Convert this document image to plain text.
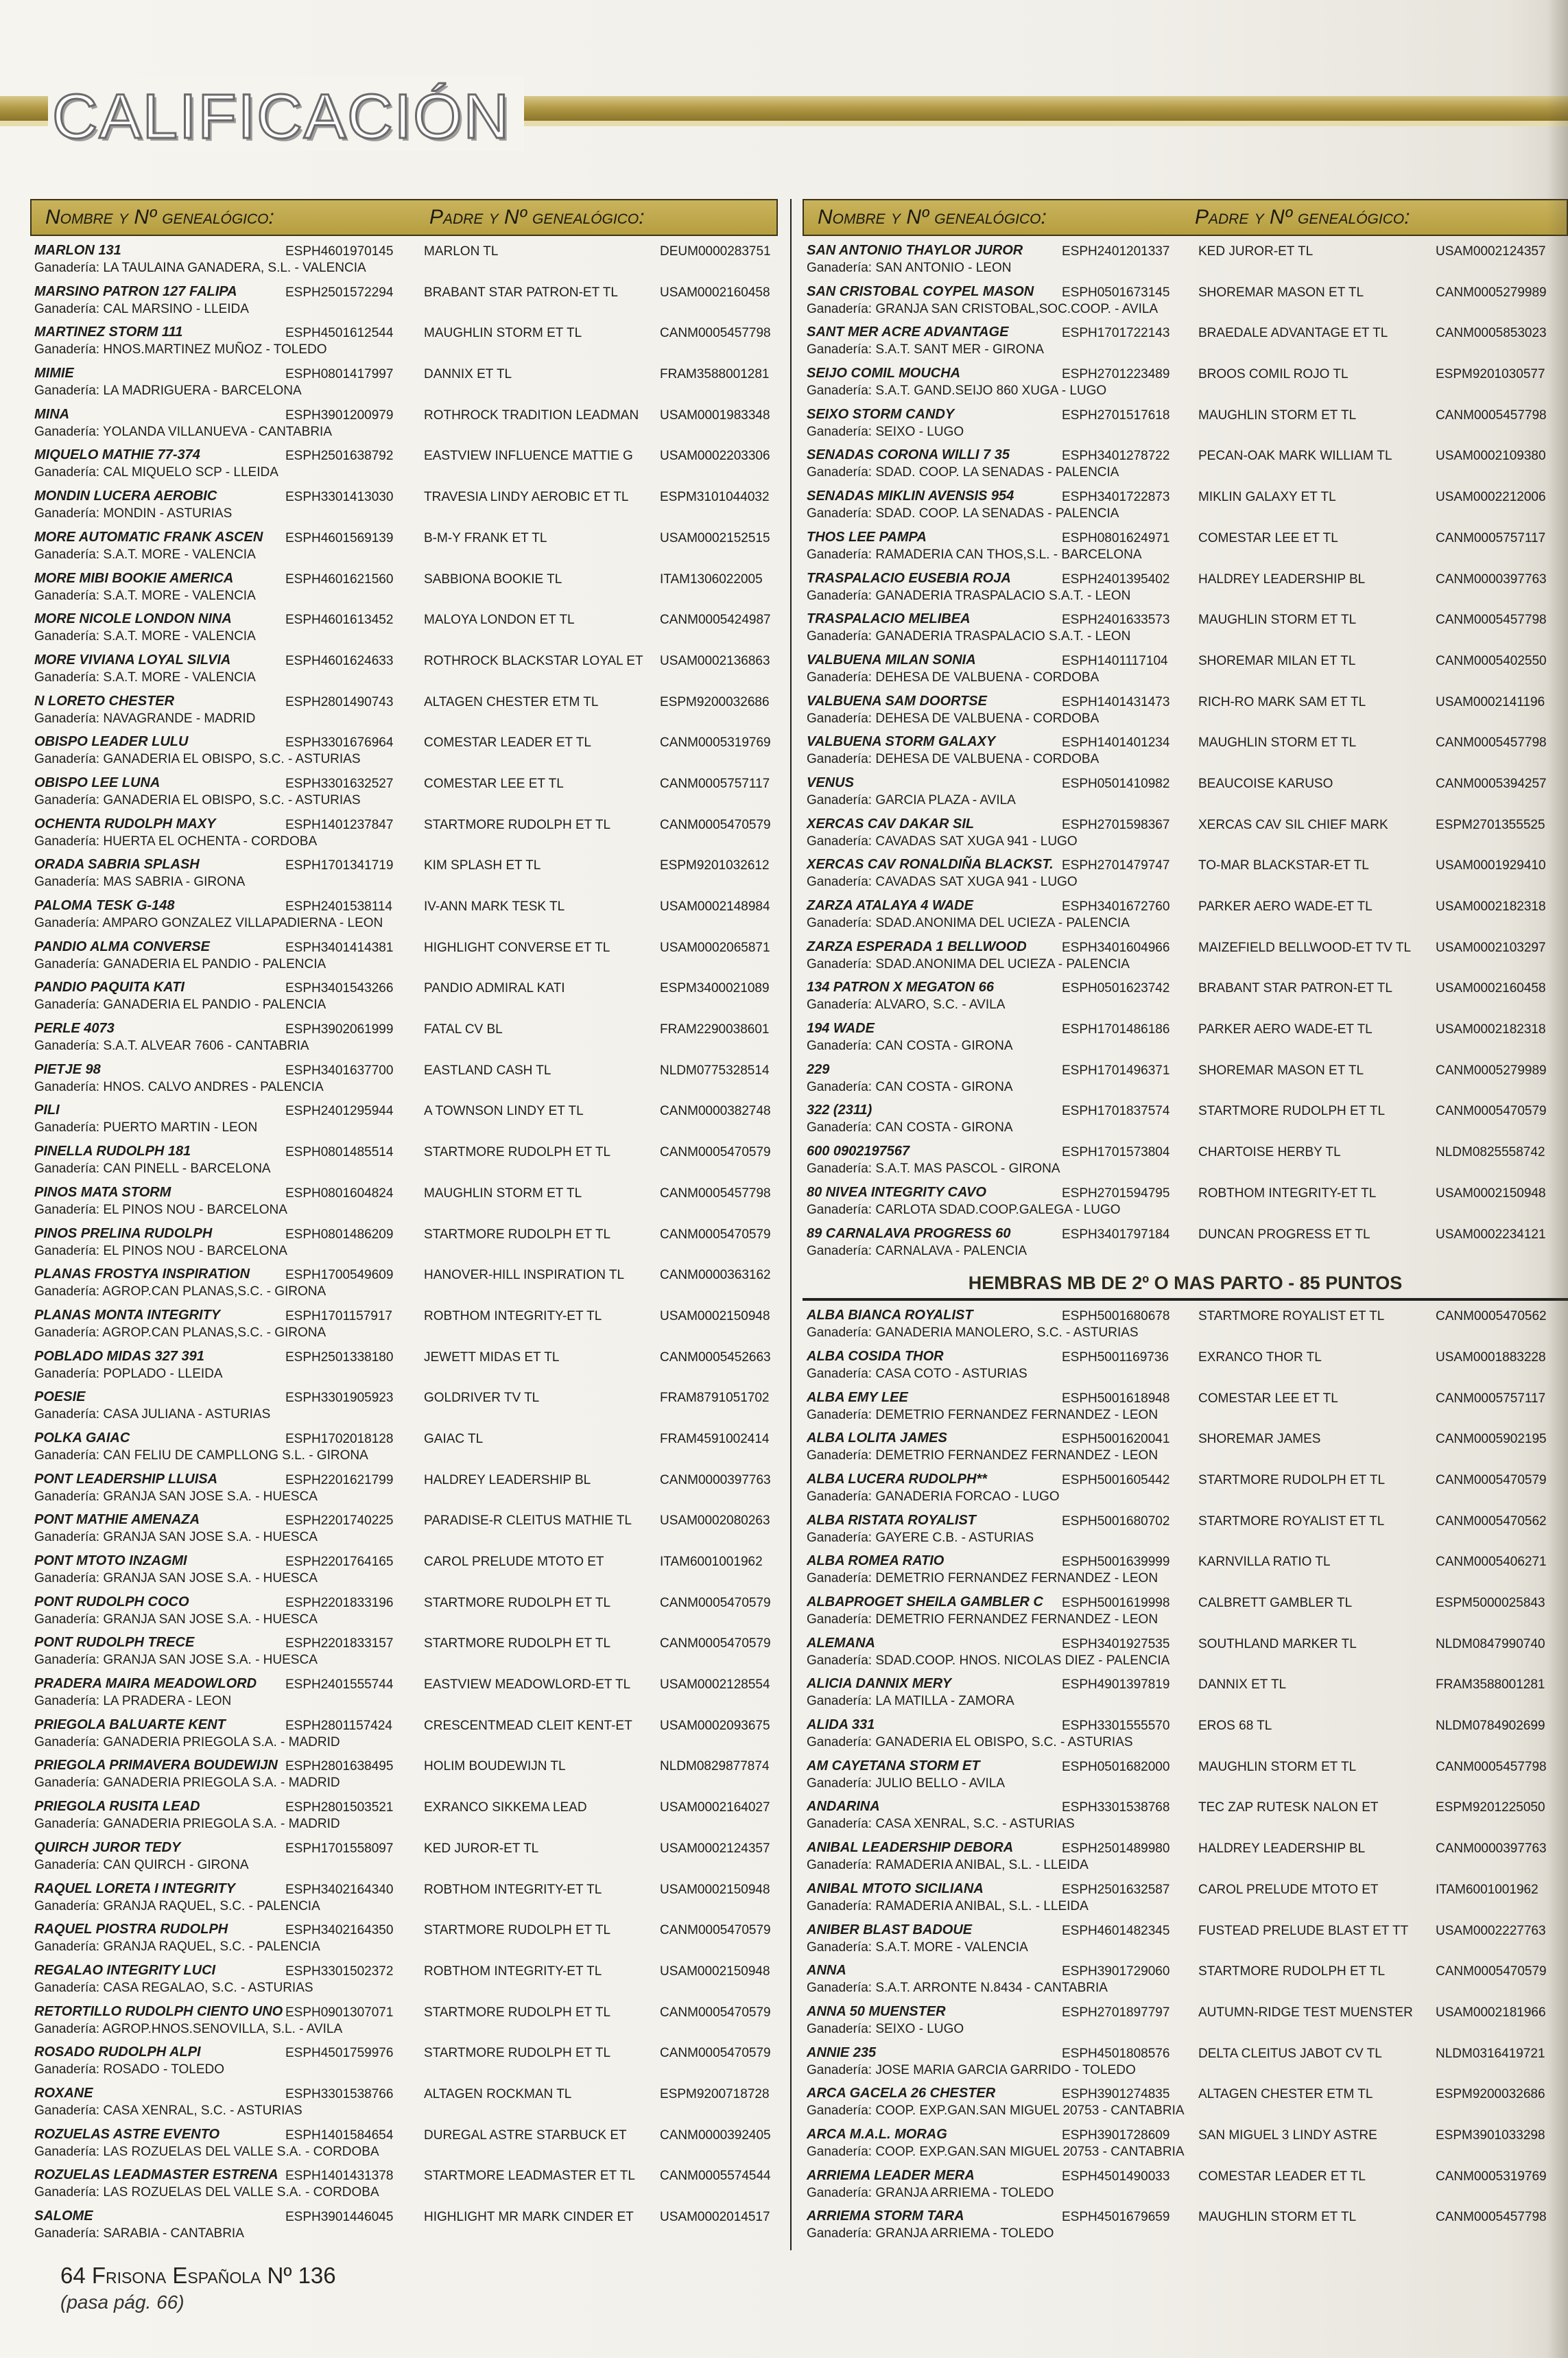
CALIFICACIÓN
Nombre y Nº genealógico:	Padre y Nº genealógico:
MARLON 131	ESPH4601970145 MARLON TL	DEUM0000283751
Ganadería: LA TAULAINA GANADERA, S.L. - VALENCIA
MARSINO PATRON 127 FALIPA	ESPH2501572294 BRABANT STAR PATRON-ET TL	USAM0002160458
Ganadería: CAL MARSINO - LLEIDA
MARTINEZ STORM 111	ESPH4501612544 MAUGHLIN STORM ET TL	CANM0005457798
Ganadería: HNOS.MARTINEZ MUÑOZ - TOLEDO
MIMIE	ESPH0801417997 DANNIX ET TL	FRAM3588001281
Ganadería: LA MADRIGUERA - BARCELONA
MINA	ESPH3901200979 ROTHROCK TRADITION LEADMAN USAM0001983348
Ganadería: YOLANDA VILLANUEVA - CANTABRIA
MIQUELO MATHIE 77-374	ESPH2501638792 EASTVIEW INFLUENCE MATTIE G USAM0002203306
Ganadería: CAL MIQUELO SCP - LLEIDA
MONDIN LUCERA AEROBIC	ESPH3301413030 TRAVESIA LINDY AEROBIC ET TL ESPM3101044032
Ganadería: MONDIN - ASTURIAS
MORE AUTOMATIC FRANK ASCEN ESPH4601569139 B-M-Y FRANK ET TL	USAM0002152515
Ganadería: S.A.T. MORE - VALENCIA
MORE MIBI BOOKIE AMERICA	ESPH4601621560 SABBIONA BOOKIE TL	ITAM1306022005
Ganadería: S.A.T. MORE - VALENCIA
MORE NICOLE LONDON NINA	ESPH4601613452 MALOYA LONDON ET TL	CANM0005424987
Ganadería: S.A.T. MORE - VALENCIA
MORE VIVIANA LOYAL SILVIA	ESPH4601624633 ROTHROCK BLACKSTAR LOYAL ET USAM0002136863
Ganadería: S.A.T. MORE - VALENCIA
N LORETO CHESTER	ESPH2801490743 ALTAGEN CHESTER ETM TL	ESPM9200032686
Ganadería: NAVAGRANDE - MADRID
OBISPO LEADER LULU	ESPH3301676964 COMESTAR LEADER ET TL	CANM0005319769
Ganadería: GANADERIA EL OBISPO, S.C. - ASTURIAS
OBISPO LEE LUNA	ESPH3301632527 COMESTAR LEE ET TL	CANM0005757117
Ganadería: GANADERIA EL OBISPO, S.C. - ASTURIAS
OCHENTA RUDOLPH MAXY	ESPH1401237847 STARTMORE RUDOLPH ET TL	CANM0005470579
Ganadería: HUERTA EL OCHENTA - CORDOBA
ORADA SABRIA SPLASH	ESPH1701341719 KIM SPLASH ET TL	ESPM9201032612
Ganadería: MAS SABRIA - GIRONA
PALOMA TESK G-148	ESPH2401538114 IV-ANN MARK TESK TL	USAM0002148984
Ganadería: AMPARO GONZALEZ VILLAPADIERNA - LEON
PANDIO ALMA CONVERSE	ESPH3401414381 HIGHLIGHT CONVERSE ET TL	USAM0002065871
Ganadería: GANADERIA EL PANDIO - PALENCIA
PANDIO PAQUITA KATI	ESPH3401543266 PANDIO ADMIRAL KATI	ESPM3400021089
Ganadería: GANADERIA EL PANDIO - PALENCIA
PERLE 4073	ESPH3902061999 FATAL CV BL	FRAM2290038601
Ganadería: S.A.T. ALVEAR 7606 - CANTABRIA
PIETJE 98	ESPH3401637700 EASTLAND CASH TL	NLDM0775328514
Ganadería: HNOS. CALVO ANDRES - PALENCIA
PILI	ESPH2401295944 A TOWNSON LINDY ET TL	CANM0000382748
Ganadería: PUERTO MARTIN - LEON
PINELLA RUDOLPH 181	ESPH0801485514 STARTMORE RUDOLPH ET TL	CANM0005470579
Ganadería: CAN PINELL - BARCELONA
PINOS MATA STORM	ESPH0801604824 MAUGHLIN STORM ET TL	CANM0005457798
Ganadería: EL PINOS NOU - BARCELONA
PINOS PRELINA RUDOLPH	ESPH0801486209 STARTMORE RUDOLPH ET TL	CANM0005470579
Ganadería: EL PINOS NOU - BARCELONA
PLANAS FROSTYA INSPIRATION	ESPH1700549609 HANOVER-HILL INSPIRATION TL	CANM0000363162
Ganadería: AGROP.CAN PLANAS,S.C. - GIRONA
PLANAS MONTA INTEGRITY	ESPH1701157917 ROBTHOM INTEGRITY-ET TL	USAM0002150948
Ganadería: AGROP.CAN PLANAS,S.C. - GIRONA
POBLADO MIDAS 327 391	ESPH2501338180 JEWETT MIDAS ET TL	CANM0005452663
Ganadería: POPLADO - LLEIDA
POESIE	ESPH3301905923 GOLDRIVER TV TL	FRAM8791051702
Ganadería: CASA JULIANA - ASTURIAS
POLKA GAIAC	ESPH1702018128 GAIAC TL	FRAM4591002414
Ganadería: CAN FELIU DE CAMPLLONG S.L. - GIRONA
PONT LEADERSHIP LLUISA	ESPH2201621799 HALDREY LEADERSHIP BL	CANM0000397763
Ganadería: GRANJA SAN JOSE S.A. - HUESCA
PONT MATHIE AMENAZA	ESPH2201740225 PARADISE-R CLEITUS MATHIE TL USAM0002080263
Ganadería: GRANJA SAN JOSE S.A. - HUESCA
PONT MTOTO INZAGMI	ESPH2201764165 CAROL PRELUDE MTOTO ET	ITAM6001001962
Ganadería: GRANJA SAN JOSE S.A. - HUESCA
PONT RUDOLPH COCO	ESPH2201833196 STARTMORE RUDOLPH ET TL	CANM0005470579
Ganadería: GRANJA SAN JOSE S.A. - HUESCA
PONT RUDOLPH TRECE	ESPH2201833157 STARTMORE RUDOLPH ET TL	CANM0005470579
Ganadería: GRANJA SAN JOSE S.A. - HUESCA
PRADERA MAIRA MEADOWLORD ESPH2401555744 EASTVIEW MEADOWLORD-ET TL USAM0002128554
Ganadería: LA PRADERA - LEON
PRIEGOLA BALUARTE KENT	ESPH2801157424 CRESCENTMEAD CLEIT KENT-ET USAM0002093675
Ganadería: GANADERIA PRIEGOLA S.A. - MADRID
PRIEGOLA PRIMAVERA BOUDEWIJN ESPH2801638495 HOLIM BOUDEWIJN TL	NLDM0829877874
Ganadería: GANADERIA PRIEGOLA S.A. - MADRID
PRIEGOLA RUSITA LEAD	ESPH2801503521 EXRANCO SIKKEMA LEAD	USAM0002164027
Ganadería: GANADERIA PRIEGOLA S.A. - MADRID
QUIRCH JUROR TEDY	ESPH1701558097 KED JUROR-ET TL	USAM0002124357
Ganadería: CAN QUIRCH - GIRONA
RAQUEL LORETA I INTEGRITY	ESPH3402164340 ROBTHOM INTEGRITY-ET TL	USAM0002150948
Ganadería: GRANJA RAQUEL, S.C. - PALENCIA
RAQUEL PIOSTRA RUDOLPH	ESPH3402164350 STARTMORE RUDOLPH ET TL	CANM0005470579
Ganadería: GRANJA RAQUEL, S.C. - PALENCIA
REGALAO INTEGRITY LUCI	ESPH3301502372 ROBTHOM INTEGRITY-ET TL	USAM0002150948
Ganadería: CASA REGALAO, S.C. - ASTURIAS
RETORTILLO RUDOLPH CIENTO UNO ESPH0901307071 STARTMORE RUDOLPH ET TL	CANM0005470579
Ganadería: AGROP.HNOS.SENOVILLA, S.L. - AVILA
ROSADO RUDOLPH ALPI	ESPH4501759976 STARTMORE RUDOLPH ET TL	CANM0005470579
Ganadería: ROSADO - TOLEDO
ROXANE	ESPH3301538766 ALTAGEN ROCKMAN TL	ESPM9200718728
Ganadería: CASA XENRAL, S.C. - ASTURIAS
ROZUELAS ASTRE EVENTO	ESPH1401584654 DUREGAL ASTRE STARBUCK ET	CANM0000392405
Ganadería: LAS ROZUELAS DEL VALLE S.A. - CORDOBA
ROZUELAS LEADMASTER ESTRENA ESPH1401431378 STARTMORE LEADMASTER ET TL CANM0005574544
Ganadería: LAS ROZUELAS DEL VALLE S.A. - CORDOBA
SALOME	ESPH3901446045 HIGHLIGHT MR MARK CINDER ET USAM0002014517
Ganadería: SARABIA - CANTABRIA
Nombre y Nº genealógico:	Padre y Nº genealógico:
SAN ANTONIO THAYLOR JUROR	ESPH2401201337 KED JUROR-ET TL	USAM0002124357
Ganadería: SAN ANTONIO - LEON
SAN CRISTOBAL COYPEL MASON ESPH0501673145 SHOREMAR MASON ET TL	CANM0005279989
Ganadería: GRANJA SAN CRISTOBAL,SOC.COOP. - AVILA
SANT MER ACRE ADVANTAGE	ESPH1701722143 BRAEDALE ADVANTAGE ET TL	CANM0005853023
Ganadería: S.A.T. SANT MER - GIRONA
SEIJO COMIL MOUCHA	ESPH2701223489 BROOS COMIL ROJO TL	ESPM9201030577
Ganadería: S.A.T. GAND.SEIJO 860 XUGA - LUGO
SEIXO STORM CANDY	ESPH2701517618 MAUGHLIN STORM ET TL	CANM0005457798
Ganadería: SEIXO - LUGO
SENADAS CORONA WILLI 7 35	ESPH3401278722 PECAN-OAK MARK WILLIAM TL	USAM0002109380
Ganadería: SDAD. COOP. LA SENADAS - PALENCIA
SENADAS MIKLIN AVENSIS 954	ESPH3401722873 MIKLIN GALAXY ET TL	USAM0002212006
Ganadería: SDAD. COOP. LA SENADAS - PALENCIA
THOS LEE PAMPA	ESPH0801624971 COMESTAR LEE ET TL	CANM0005757117
Ganadería: RAMADERIA CAN THOS,S.L. - BARCELONA
TRASPALACIO EUSEBIA ROJA	ESPH2401395402 HALDREY LEADERSHIP BL	CANM0000397763
Ganadería: GANADERIA TRASPALACIO S.A.T. - LEON
TRASPALACIO MELIBEA	ESPH2401633573 MAUGHLIN STORM ET TL	CANM0005457798
Ganadería: GANADERIA TRASPALACIO S.A.T. - LEON
VALBUENA MILAN SONIA	ESPH1401117104 SHOREMAR MILAN ET TL	CANM0005402550
Ganadería: DEHESA DE VALBUENA - CORDOBA
VALBUENA SAM DOORTSE	ESPH1401431473 RICH-RO MARK SAM ET TL	USAM0002141196
Ganadería: DEHESA DE VALBUENA - CORDOBA
VALBUENA STORM GALAXY	ESPH1401401234 MAUGHLIN STORM ET TL	CANM0005457798
Ganadería: DEHESA DE VALBUENA - CORDOBA
VENUS	ESPH0501410982 BEAUCOISE KARUSO	CANM0005394257
Ganadería: GARCIA PLAZA - AVILA
XERCAS CAV DAKAR SIL	ESPH2701598367 XERCAS CAV SIL CHIEF MARK	ESPM2701355525
Ganadería: CAVADAS SAT XUGA 941 - LUGO
XERCAS CAV RONALDIÑA BLACKST. ESPH2701479747 TO-MAR BLACKSTAR-ET TL	USAM0001929410
Ganadería: CAVADAS SAT XUGA 941 - LUGO
ZARZA ATALAYA 4 WADE	ESPH3401672760 PARKER AERO WADE-ET TL	USAM0002182318
Ganadería: SDAD.ANONIMA DEL UCIEZA - PALENCIA
ZARZA ESPERADA 1 BELLWOOD	ESPH3401604966 MAIZEFIELD BELLWOOD-ET TV TL USAM0002103297
Ganadería: SDAD.ANONIMA DEL UCIEZA - PALENCIA
134 PATRON X MEGATON 66	ESPH0501623742 BRABANT STAR PATRON-ET TL	USAM0002160458
Ganadería: ALVARO, S.C. - AVILA
194 WADE	ESPH1701486186 PARKER AERO WADE-ET TL	USAM0002182318
Ganadería: CAN COSTA - GIRONA
229	ESPH1701496371 SHOREMAR MASON ET TL	CANM0005279989
Ganadería: CAN COSTA - GIRONA
322 (2311)	ESPH1701837574 STARTMORE RUDOLPH ET TL	CANM0005470579
Ganadería: CAN COSTA - GIRONA
600 0902197567	ESPH1701573804 CHARTOISE HERBY TL	NLDM0825558742
Ganadería: S.A.T. MAS PASCOL - GIRONA
80 NIVEA INTEGRITY CAVO	ESPH2701594795 ROBTHOM INTEGRITY-ET TL	USAM0002150948
Ganadería: CARLOTA SDAD.COOP.GALEGA - LUGO
89 CARNALAVA PROGRESS 60	ESPH3401797184 DUNCAN PROGRESS ET TL	USAM0002234121
Ganadería: CARNALAVA - PALENCIA
HEMBRAS MB DE 2º O MAS PARTO - 85 PUNTOS
ALBA BIANCA ROYALIST	ESPH5001680678 STARTMORE ROYALIST ET TL	CANM0005470562
Ganadería: GANADERIA MANOLERO, S.C. - ASTURIAS
ALBA COSIDA THOR	ESPH5001169736 EXRANCO THOR TL	USAM0001883228
Ganadería: CASA COTO - ASTURIAS
ALBA EMY LEE	ESPH5001618948 COMESTAR LEE ET TL	CANM0005757117
Ganadería: DEMETRIO FERNANDEZ FERNANDEZ - LEON
ALBA LOLITA JAMES	ESPH5001620041 SHOREMAR JAMES	CANM0005902195
Ganadería: DEMETRIO FERNANDEZ FERNANDEZ - LEON
ALBA LUCERA RUDOLPH**	ESPH5001605442 STARTMORE RUDOLPH ET TL	CANM0005470579
Ganadería: GANADERIA FORCAO - LUGO
ALBA RISTATA ROYALIST	ESPH5001680702 STARTMORE ROYALIST ET TL	CANM0005470562
Ganadería: GAYERE C.B. - ASTURIAS
ALBA ROMEA RATIO	ESPH5001639999 KARNVILLA RATIO TL	CANM0005406271
Ganadería: DEMETRIO FERNANDEZ FERNANDEZ - LEON
ALBAPROGET SHEILA GAMBLER C ESPH5001619998 CALBRETT GAMBLER TL	ESPM5000025843
Ganadería: DEMETRIO FERNANDEZ FERNANDEZ - LEON
ALEMANA	ESPH3401927535 SOUTHLAND MARKER TL	NLDM0847990740
Ganadería: SDAD.COOP. HNOS. NICOLAS DIEZ - PALENCIA
ALICIA DANNIX MERY	ESPH4901397819 DANNIX ET TL	FRAM3588001281
Ganadería: LA MATILLA - ZAMORA
ALIDA 331	ESPH3301555570 EROS 68 TL	NLDM0784902699
Ganadería: GANADERIA EL OBISPO, S.C. - ASTURIAS
AM CAYETANA STORM ET	ESPH0501682000 MAUGHLIN STORM ET TL	CANM0005457798
Ganadería: JULIO BELLO - AVILA
ANDARINA	ESPH3301538768 TEC ZAP RUTESK NALON ET	ESPM9201225050
Ganadería: CASA XENRAL, S.C. - ASTURIAS
ANIBAL LEADERSHIP DEBORA	ESPH2501489980 HALDREY LEADERSHIP BL	CANM0000397763
Ganadería: RAMADERIA ANIBAL, S.L. - LLEIDA
ANIBAL MTOTO SICILIANA	ESPH2501632587 CAROL PRELUDE MTOTO ET	ITAM6001001962
Ganadería: RAMADERIA ANIBAL, S.L. - LLEIDA
ANIBER BLAST BADOUE	ESPH4601482345 FUSTEAD PRELUDE BLAST ET TT USAM0002227763
Ganadería: S.A.T. MORE - VALENCIA
ANNA	ESPH3901729060 STARTMORE RUDOLPH ET TL	CANM0005470579
Ganadería: S.A.T. ARRONTE N.8434 - CANTABRIA
ANNA 50 MUENSTER	ESPH2701897797 AUTUMN-RIDGE TEST MUENSTER USAM0002181966
Ganadería: SEIXO - LUGO
ANNIE 235	ESPH4501808576 DELTA CLEITUS JABOT CV TL	NLDM0316419721
Ganadería: JOSE MARIA GARCIA GARRIDO - TOLEDO
ARCA GACELA 26 CHESTER	ESPH3901274835 ALTAGEN CHESTER ETM TL	ESPM9200032686
Ganadería: COOP. EXP.GAN.SAN MIGUEL 20753 - CANTABRIA
ARCA M.A.L. MORAG	ESPH3901728609 SAN MIGUEL 3 LINDY ASTRE	ESPM3901033298
Ganadería: COOP. EXP.GAN.SAN MIGUEL 20753 - CANTABRIA
ARRIEMA LEADER MERA	ESPH4501490033 COMESTAR LEADER ET TL	CANM0005319769
Ganadería: GRANJA ARRIEMA - TOLEDO
ARRIEMA STORM TARA	ESPH4501679659 MAUGHLIN STORM ET TL	CANM0005457798
Ganadería: GRANJA ARRIEMA - TOLEDO
64 Frisona Española Nº 136
(pasa pág. 66)
